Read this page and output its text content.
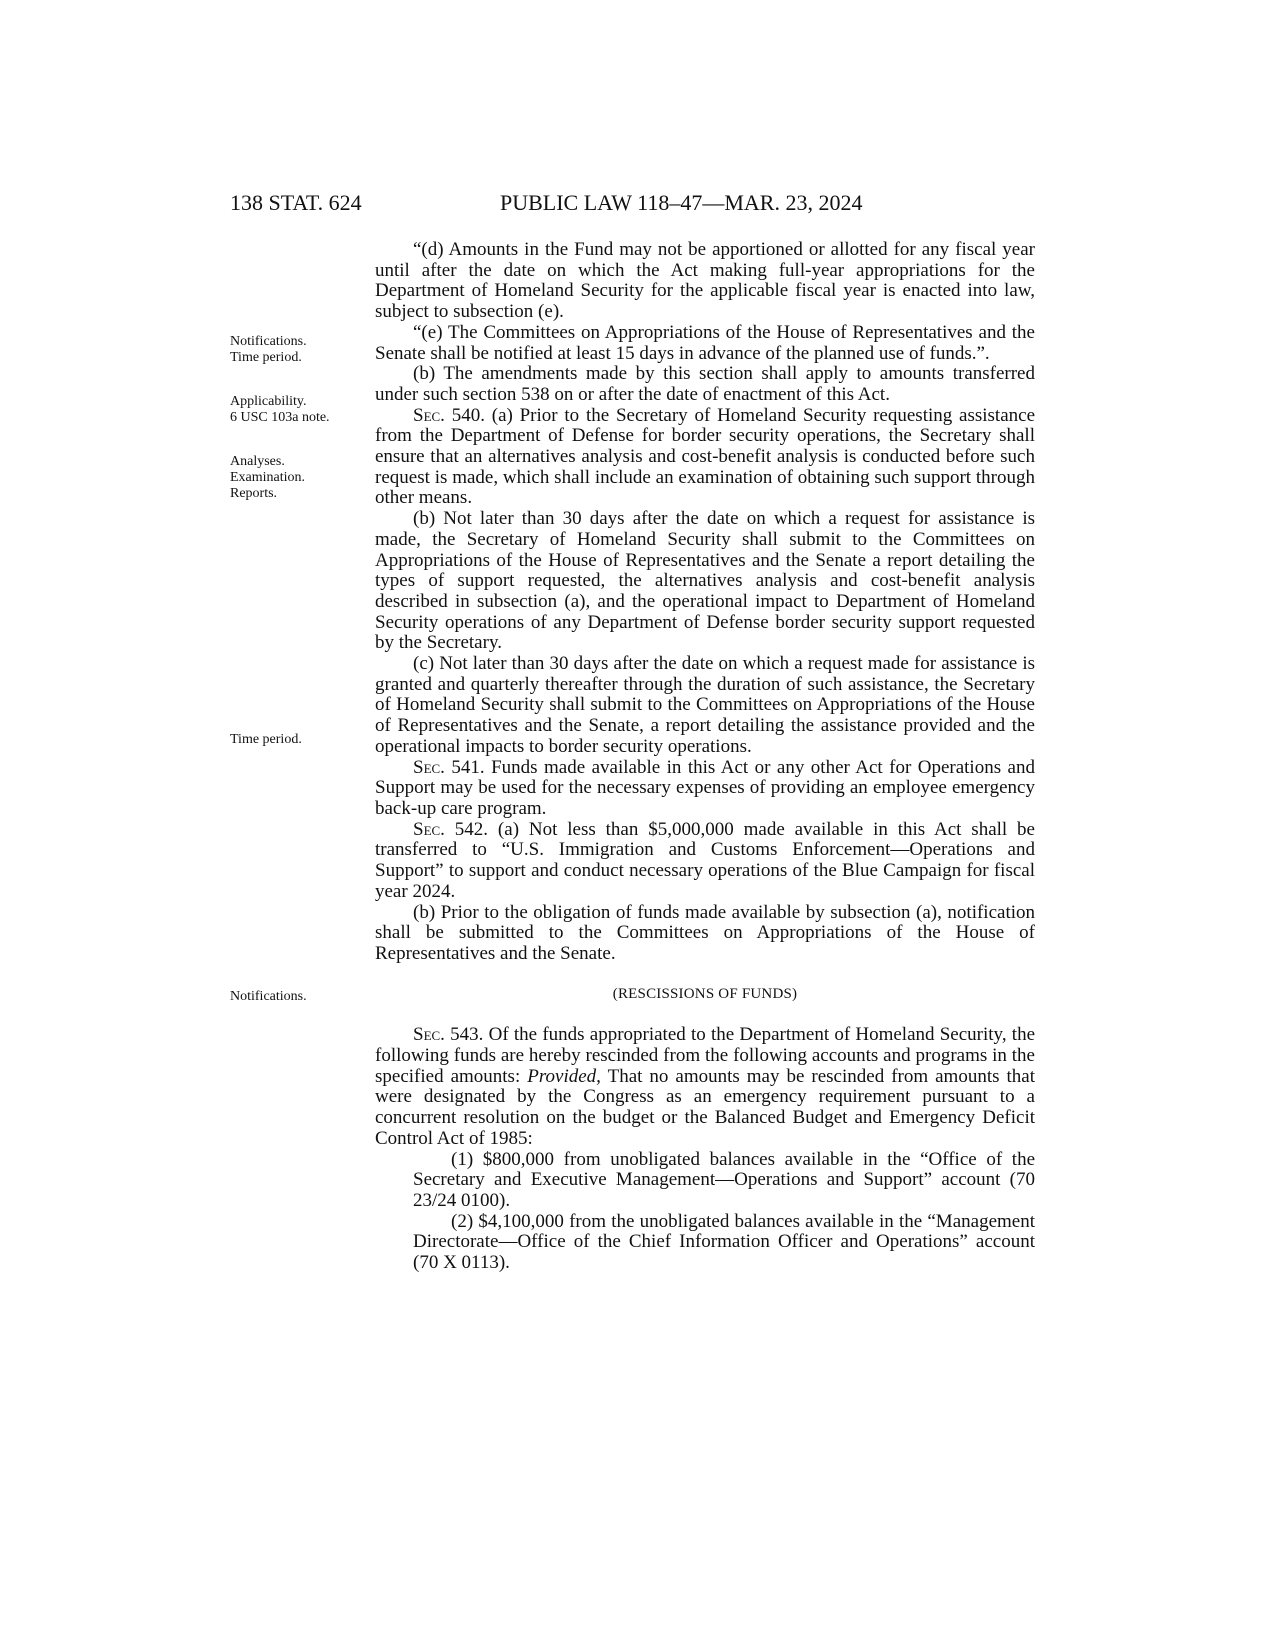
138 STAT. 624	PUBLIC LAW 118–47—MAR. 23, 2024
Notifications.
Time period.
Applicability.
6 USC 103a note.
Analyses.
Examination.
Reports.
Time period.
Notifications.

“(d) Amounts in the Fund may not be apportioned or allotted for any fiscal year until after the date on which the Act making full-year appropriations for the Department of Homeland Security for the applicable fiscal year is enacted into law, subject to subsection (e).

“(e) The Committees on Appropriations of the House of Representatives and the Senate shall be notified at least 15 days in advance of the planned use of funds.”.

(b) The amendments made by this section shall apply to amounts transferred under such section 538 on or after the date of enactment of this Act.

Sec. 540. (a) Prior to the Secretary of Homeland Security requesting assistance from the Department of Defense for border security operations, the Secretary shall ensure that an alternatives analysis and cost-benefit analysis is conducted before such request is made, which shall include an examination of obtaining such support through other means.

(b) Not later than 30 days after the date on which a request for assistance is made, the Secretary of Homeland Security shall submit to the Committees on Appropriations of the House of Representatives and the Senate a report detailing the types of support requested, the alternatives analysis and cost-benefit analysis described in subsection (a), and the operational impact to Department of Homeland Security operations of any Department of Defense border security support requested by the Secretary.

(c) Not later than 30 days after the date on which a request made for assistance is granted and quarterly thereafter through the duration of such assistance, the Secretary of Homeland Security shall submit to the Committees on Appropriations of the House of Representatives and the Senate, a report detailing the assistance provided and the operational impacts to border security operations.

Sec. 541. Funds made available in this Act or any other Act for Operations and Support may be used for the necessary expenses of providing an employee emergency back-up care program.

Sec. 542. (a) Not less than $5,000,000 made available in this Act shall be transferred to “U.S. Immigration and Customs Enforcement—Operations and Support” to support and conduct necessary operations of the Blue Campaign for fiscal year 2024.

(b) Prior to the obligation of funds made available by subsection (a), notification shall be submitted to the Committees on Appropriations of the House of Representatives and the Senate.

(RESCISSIONS OF FUNDS)

Sec. 543. Of the funds appropriated to the Department of Homeland Security, the following funds are hereby rescinded from the following accounts and programs in the specified amounts: Provided, That no amounts may be rescinded from amounts that were designated by the Congress as an emergency requirement pursuant to a concurrent resolution on the budget or the Balanced Budget and Emergency Deficit Control Act of 1985:

(1) $800,000 from unobligated balances available in the “Office of the Secretary and Executive Management—Operations and Support” account (70 23/24 0100).

(2) $4,100,000 from the unobligated balances available in the “Management Directorate—Office of the Chief Information Officer and Operations” account (70 X 0113).
